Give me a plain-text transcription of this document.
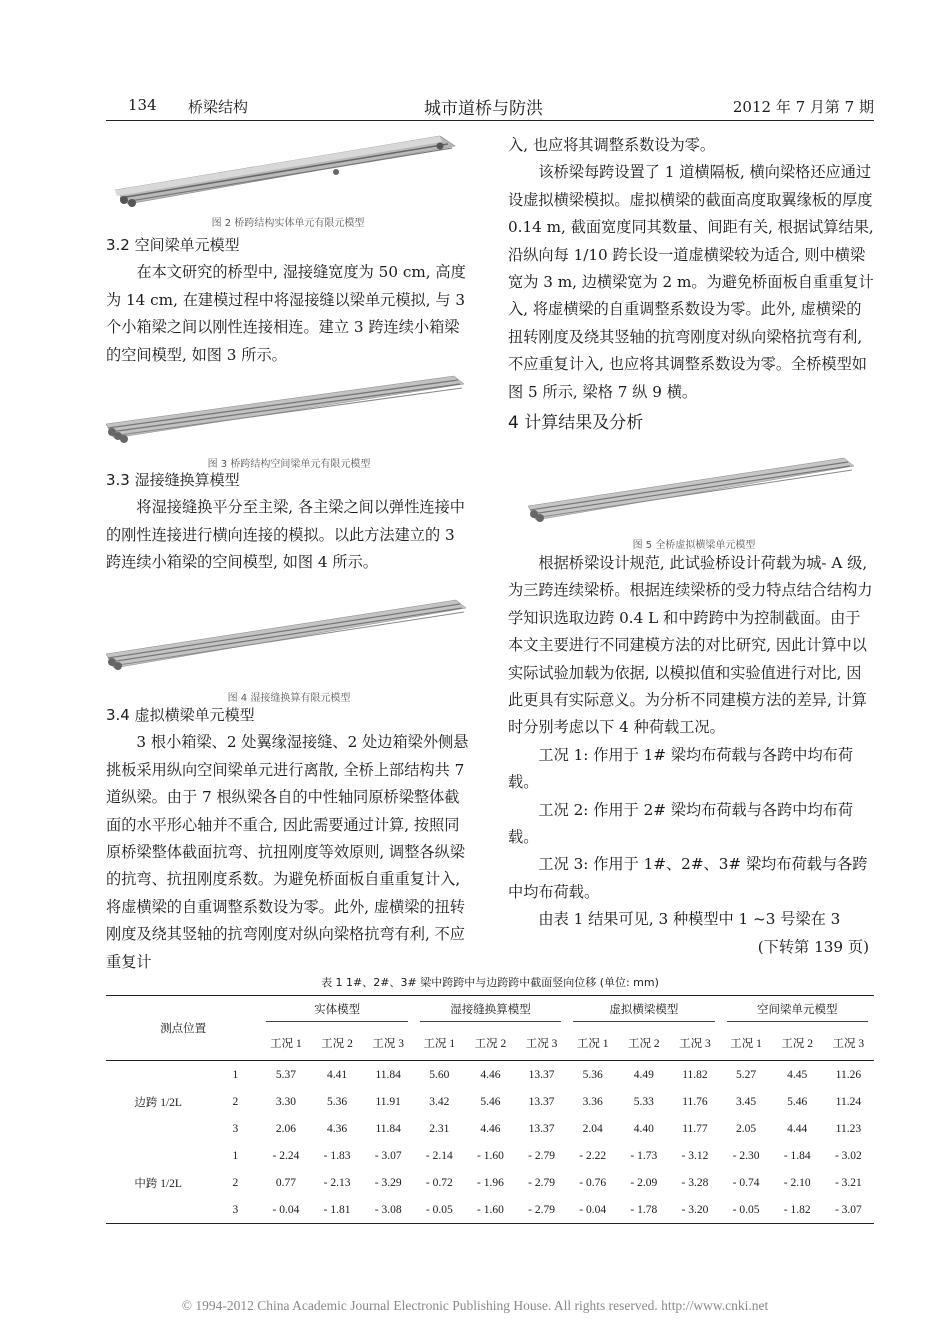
134 桥梁结构	城市道桥与防洪	2012 年 7 月第 7 期
图 2 桥跨结构实体单元有限元模型

3.2 空间梁单元模型

在本文研究的桥型中, 湿接缝宽度为 50 cm, 高度为 14 cm, 在建模过程中将湿接缝以梁单元模拟, 与 3 个小箱梁之间以刚性连接相连。建立 3 跨连续小箱梁的空间模型, 如图 3 所示。

图 3 桥跨结构空间梁单元有限元模型

3.3 湿接缝换算模型

将湿接缝换平分至主梁, 各主梁之间以弹性连接中的刚性连接进行横向连接的模拟。以此方法建立的 3 跨连续小箱梁的空间模型, 如图 4 所示。

图 4 湿接缝换算有限元模型

3.4 虚拟横梁单元模型

3 根小箱梁、2 处翼缘湿接缝、2 处边箱梁外侧悬挑板采用纵向空间梁单元进行离散, 全桥上部结构共 7 道纵梁。由于 7 根纵梁各自的中性轴同原桥梁整体截面的水平形心轴并不重合, 因此需要通过计算, 按照同原桥梁整体截面抗弯、抗扭刚度等效原则, 调整各纵梁的抗弯、抗扭刚度系数。为避免桥面板自重重复计入, 将虚横梁的自重调整系数设为零。此外, 虚横梁的扭转刚度及绕其竖轴的抗弯刚度对纵向梁格抗弯有利, 不应重复计

入, 也应将其调整系数设为零。

该桥梁每跨设置了 1 道横隔板, 横向梁格还应通过设虚拟横梁模拟。虚拟横梁的截面高度取翼缘板的厚度 0.14 m, 截面宽度同其数量、间距有关, 根据试算结果, 沿纵向每 1/10 跨长设一道虚横梁较为适合, 则中横梁宽为 3 m, 边横梁宽为 2 m。为避免桥面板自重重复计入, 将虚横梁的自重调整系数设为零。此外, 虚横梁的扭转刚度及绕其竖轴的抗弯刚度对纵向梁格抗弯有利, 不应重复计入, 也应将其调整系数设为零。全桥模型如图 5 所示, 梁格 7 纵 9 横。

4 计算结果及分析

图 5 全桥虚拟横梁单元模型

根据桥梁设计规范, 此试验桥设计荷载为城- A 级, 为三跨连续梁桥。根据连续梁桥的受力特点结合结构力学知识选取边跨 0.4 L 和中跨跨中为控制截面。由于本文主要进行不同建模方法的对比研究, 因此计算中以实际试验加载为依据, 以模拟值和实验值进行对比, 因此更具有实际意义。为分析不同建模方法的差异, 计算时分别考虑以下 4 种荷载工况。

工况 1: 作用于 1# 梁均布荷载与各跨中均布荷载。

工况 2: 作用于 2# 梁均布荷载与各跨中均布荷载。

工况 3: 作用于 1#、2#、3# 梁均布荷载与各跨中均布荷载。

由表 1 结果可见, 3 种模型中 1 ~3 号梁在 3

(下转第 139 页)

表 1 1#、2#、3# 梁中跨跨中与边跨跨中截面竖向位移 (单位: mm)
测点位置		实体模型			湿接缝换算模型			虚拟横梁模型			空间梁单元模型		

		工况 1	工况 2	工况 3	工况 1	工况 2	工况 3	工况 1	工况 2	工况 3	工况 1	工况 2	工况 3
边跨 1/2L	1	5.37	4.41	11.84	5.60	4.46	13.37	5.36	4.49	11.82	5.27	4.45	11.26
	2	3.30	5.36	11.91	3.42	5.46	13.37	3.36	5.33	11.76	3.45	5.46	11.24
	3	2.06	4.36	11.84	2.31	4.46	13.37	2.04	4.40	11.77	2.05	4.44	11.23
中跨 1/2L	1	- 2.24	- 1.83	- 3.07	- 2.14	- 1.60	- 2.79	- 2.22	- 1.73	- 3.12	- 2.30	- 1.84	- 3.02
	2	0.77	- 2.13	- 3.29	- 0.72	- 1.96	- 2.79	- 0.76	- 2.09	- 3.28	- 0.74	- 2.10	- 3.21
	3	- 0.04	- 1.81	- 3.08	- 0.05	- 1.60	- 2.79	- 0.04	- 1.78	- 3.20	- 0.05	- 1.82	- 3.07
© 1994-2012 China Academic Journal Electronic Publishing House. All rights reserved. http://www.cnki.net
